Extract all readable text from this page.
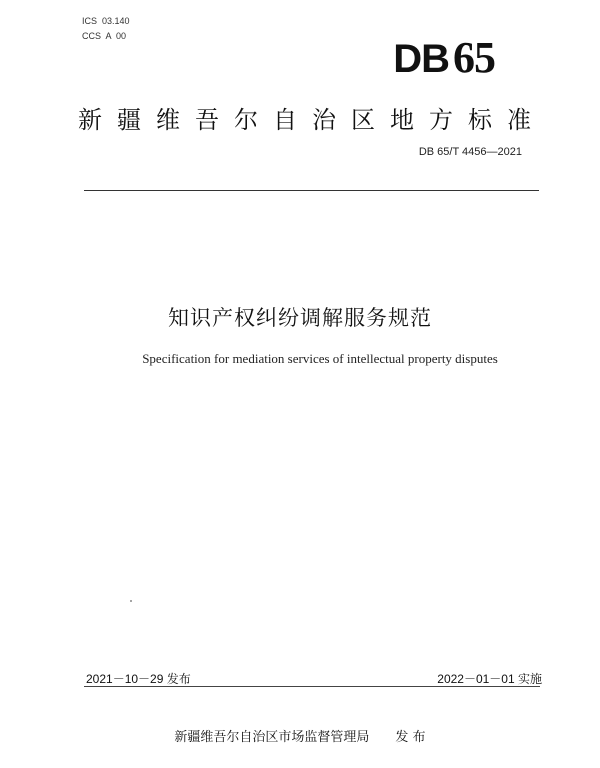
ICS  03.140
CCS  A  00
DB65
新疆维吾尔自治区地方标准
DB 65/T 4456—2021
知识产权纠纷调解服务规范
Specification for mediation services of intellectual property disputes
2021－10－29 发布	2022－01－01 实施
新疆维吾尔自治区市场监督管理局　　发 布
